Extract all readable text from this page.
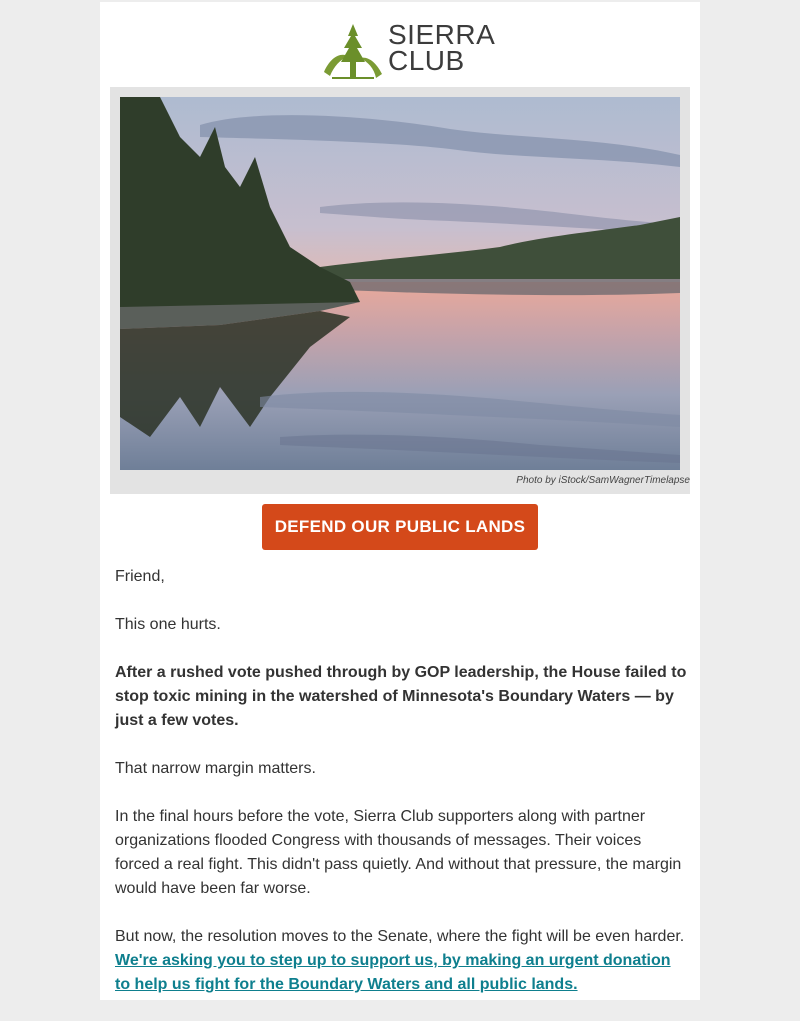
SIERRA
CLUB
Photo by iStock/SamWagnerTimelapse
DEFEND OUR PUBLIC LANDS

Friend,

This one hurts.

After a rushed vote pushed through by GOP leadership, the House failed to stop toxic mining in the watershed of Minnesota's Boundary Waters — by just a few votes.

That narrow margin matters.

In the final hours before the vote, Sierra Club supporters along with partner organizations flooded Congress with thousands of messages. Their voices forced a real fight. This didn't pass quietly. And without that pressure, the margin would have been far worse.

But now, the resolution moves to the Senate, where the fight will be even harder.

We're asking you to step up to support us, by making an urgent donation to help us fight for the Boundary Waters and all public lands.
